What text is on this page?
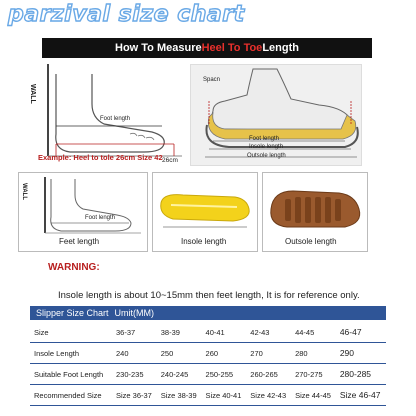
parzival size chart
How To Measure Heel To Toe Length
WALL
Foot length
Example: Heel to tole 26cm Size 42 26cm
Spacn
Foot length
Insole length
Outsole length
WALL
Foot length
Feet length	Insole length	Outsole length
WARNING:
Insole length is about 10~15mm then feet length, It is for reference only.
Slipper Size Chart Umit(MM)
Size	36-37	38-39	40-41	42-43	44-45	46-47
Insole Length	240	250	260	270	280	290
Suitable Foot Length	230-235	240-245	250-255	260-265	270-275	280-285
Recommended Size	Size 36-37	Size 38-39	Size 40-41	Size 42-43	Size 44-45	Size 46-47
